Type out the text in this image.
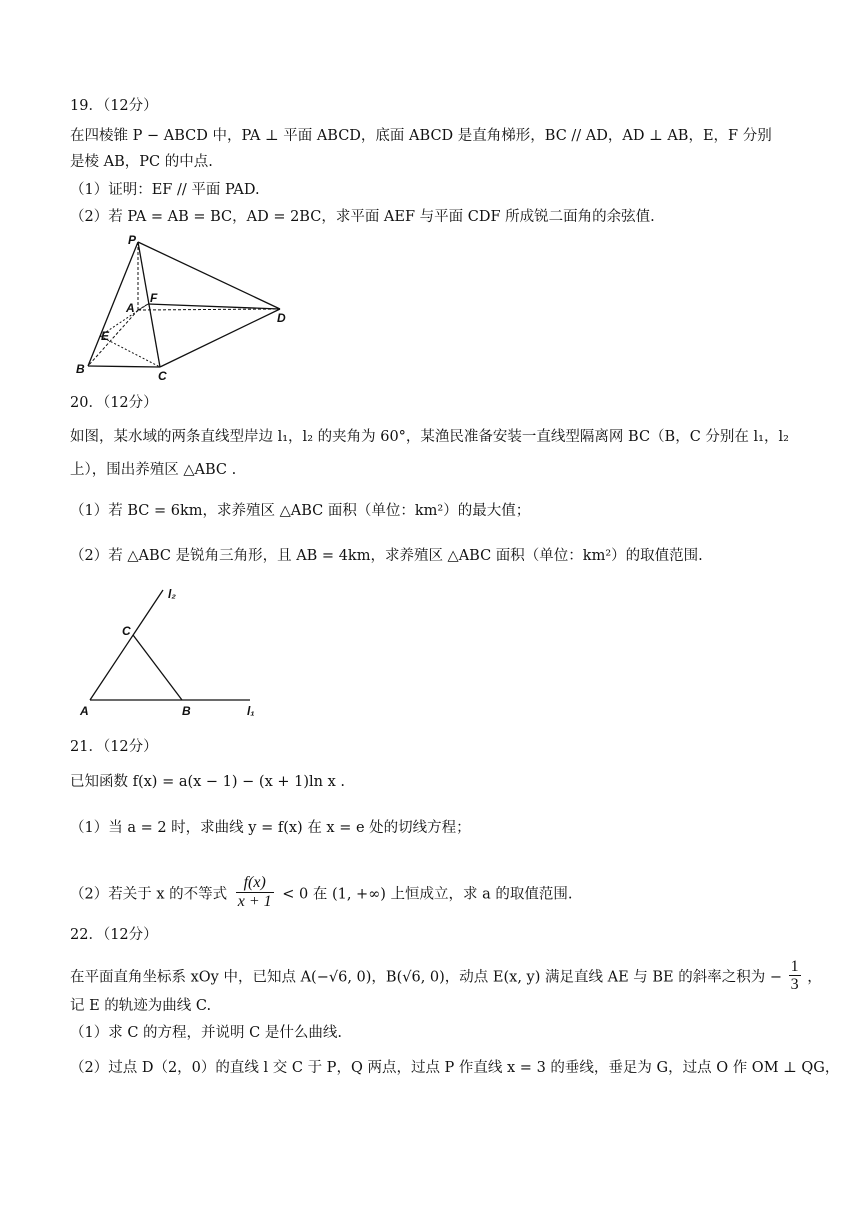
19．（12分）
在四棱锥 P − ABCD 中，PA ⊥ 平面 ABCD，底面 ABCD 是直角梯形，BC // AD，AD ⊥ AB，E，F 分别
是棱 AB，PC 的中点.
（1）证明：EF // 平面 PAD.
（2）若 PA = AB = BC，AD = 2BC，求平面 AEF 与平面 CDF 所成锐二面角的余弦值.
P
A
F
E
B	C
D
20．（12分）
如图，某水域的两条直线型岸边 l₁，l₂ 的夹角为 60°，某渔民准备安装一直线型隔离网 BC（B，C 分别在 l₁，l₂
上），围出养殖区 △ABC .
（1）若 BC = 6km，求养殖区 △ABC 面积（单位：km²）的最大值；
（2）若 △ABC 是锐角三角形，且 AB = 4km，求养殖区 △ABC 面积（单位：km²）的取值范围.
l₂
C
A	B	l₁
21．（12分）
已知函数 f(x) = a(x − 1) − (x + 1)ln x .
（1）当 a = 2 时，求曲线 y = f(x) 在 x = e 处的切线方程；
（2）若关于 x 的不等式 $\frac{f(x)}{x + 1} < 0$ 在 (1, +∞) 上恒成立，求 a 的取值范围.
22．（12分）
在平面直角坐标系 xOy 中，已知点 A(−√6, 0)，B(√6, 0)，动点 E(x, y) 满足直线 AE 与 BE 的斜率之积为 − $\frac{1}{3}$ ，
记 E 的轨迹为曲线 C.
（1）求 C 的方程，并说明 C 是什么曲线.
（2）过点 D（2，0）的直线 l 交 C 于 P，Q 两点，过点 P 作直线 x = 3 的垂线，垂足为 G，过点 O 作 OM ⊥ QG，
